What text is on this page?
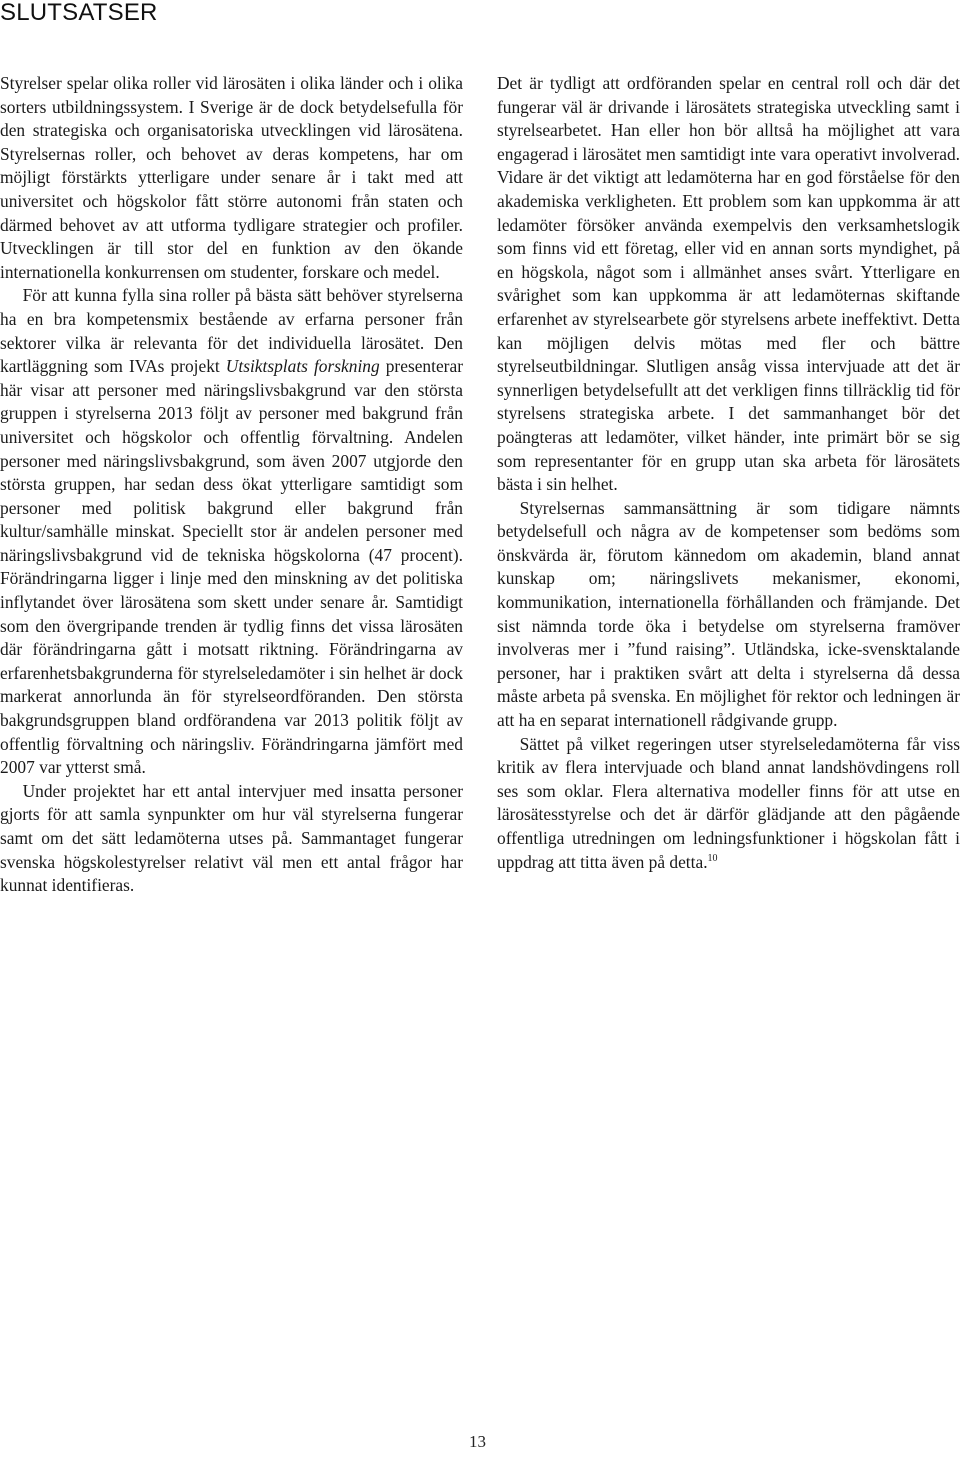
SLUTSATSER

Styrelser spelar olika roller vid lärosäten i olika länder och i olika sorters utbildningssystem. I Sverige är de dock betydelsefulla för den strategiska och organisatoriska utvecklingen vid lärosätena. Styrelsernas roller, och behovet av deras kompetens, har om möjligt förstärkts ytterligare under senare år i takt med att universitet och högskolor fått större autonomi från staten och därmed behovet av att utforma tydligare strategier och profiler. Utvecklingen är till stor del en funktion av den ökande internationella konkurrensen om studenter, forskare och medel.

För att kunna fylla sina roller på bästa sätt behöver styrelserna ha en bra kompetensmix bestående av erfarna personer från sektorer vilka är relevanta för det individuella lärosätet. Den kartläggning som IVAs projekt Utsiktsplats forskning presenterar här visar att personer med näringslivsbakgrund var den största gruppen i styrelserna 2013 följt av personer med bakgrund från universitet och högskolor och offentlig förvaltning. Andelen personer med näringslivsbakgrund, som även 2007 utgjorde den största gruppen, har sedan dess ökat ytterligare samtidigt som personer med politisk bakgrund eller bakgrund från kultur/samhälle minskat. Speciellt stor är andelen personer med näringslivsbakgrund vid de tekniska högskolorna (47 procent). Förändringarna ligger i linje med den minskning av det politiska inflytandet över lärosätena som skett under senare år. Samtidigt som den övergripande trenden är tydlig finns det vissa lärosäten där förändringarna gått i motsatt riktning. Förändringarna av erfarenhetsbakgrunderna för styrelseledamöter i sin helhet är dock markerat annorlunda än för styrelseordföranden. Den största bakgrundsgruppen bland ordförandena var 2013 politik följt av offentlig förvaltning och näringsliv. Förändringarna jämfört med 2007 var ytterst små.

Under projektet har ett antal intervjuer med insatta personer gjorts för att samla synpunkter om hur väl styrelserna fungerar samt om det sätt ledamöterna utses på. Sammantaget fungerar svenska högskolestyrelser relativt väl men ett antal frågor har kunnat identifieras.

Det är tydligt att ordföranden spelar en central roll och där det fungerar väl är drivande i lärosätets strategiska utveckling samt i styrelsearbetet. Han eller hon bör alltså ha möjlighet att vara engagerad i lärosätet men samtidigt inte vara operativt involverad. Vidare är det viktigt att ledamöterna har en god förståelse för den akademiska verkligheten. Ett problem som kan uppkomma är att ledamöter försöker använda exempelvis den verksamhetslogik som finns vid ett företag, eller vid en annan sorts myndighet, på en högskola, något som i allmänhet anses svårt. Ytterligare en svårighet som kan uppkomma är att ledamöternas skiftande erfarenhet av styrelsearbete gör styrelsens arbete ineffektivt. Detta kan möjligen delvis mötas med fler och bättre styrelseutbildningar. Slutligen ansåg vissa intervjuade att det är synnerligen betydelsefullt att det verkligen finns tillräcklig tid för styrelsens strategiska arbete. I det sammanhanget bör det poängteras att ledamöter, vilket händer, inte primärt bör se sig som representanter för en grupp utan ska arbeta för lärosätets bästa i sin helhet.

Styrelsernas sammansättning är som tidigare nämnts betydelsefull och några av de kompetenser som bedöms som önskvärda är, förutom kännedom om akademin, bland annat kunskap om; näringslivets mekanismer, ekonomi, kommunikation, internationella förhållanden och främjande. Det sist nämnda torde öka i betydelse om styrelserna framöver involveras mer i ”fund raising”. Utländska, icke-svensktalande personer, har i praktiken svårt att delta i styrelserna då dessa måste arbeta på svenska. En möjlighet för rektor och ledningen är att ha en separat internationell rådgivande grupp.

Sättet på vilket regeringen utser styrelseledamöterna får viss kritik av flera intervjuade och bland annat landshövdingens roll ses som oklar. Flera alternativa modeller finns för att utse en lärosätesstyrelse och det är därför glädjande att den pågående offentliga utredningen om ledningsfunktioner i högskolan fått i uppdrag att titta även på detta.$^{10}$

13
